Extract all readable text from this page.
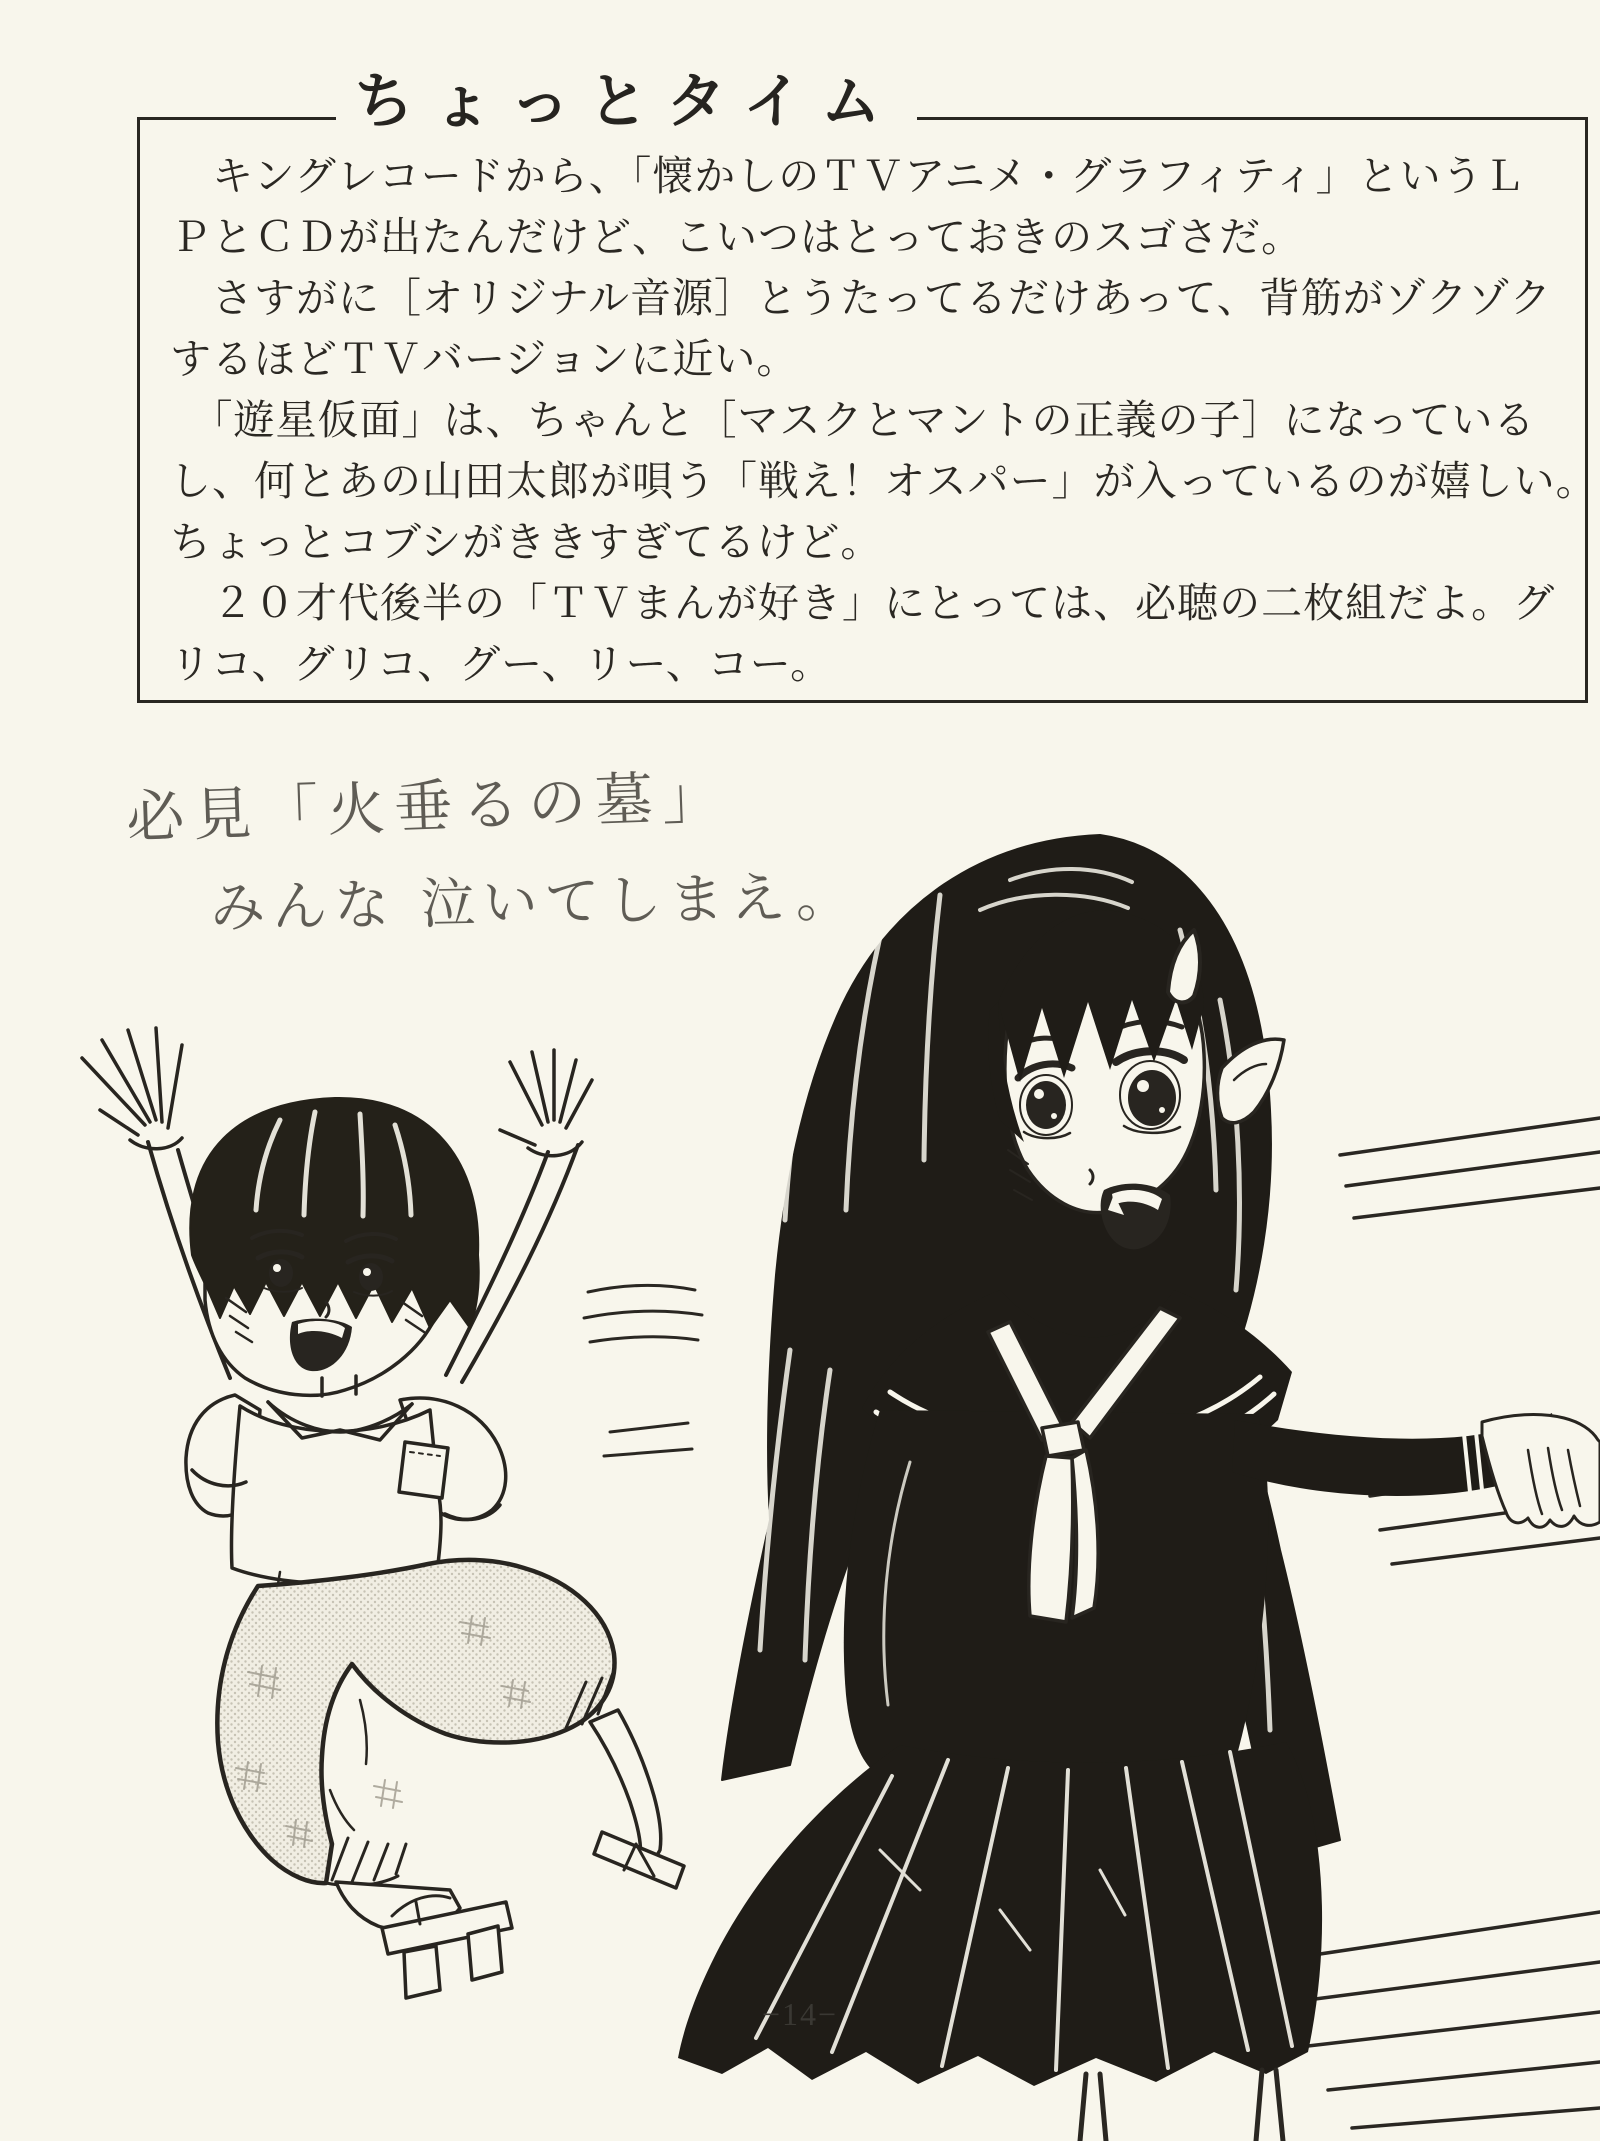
ちょっとタイム

　キングレコードから、「懐かしのＴＶアニメ・グラフィティ」というＬ

ＰとＣＤが出たんだけど、こいつはとっておきのスゴさだ。

　さすがに［オリジナル音源］とうたってるだけあって、背筋がゾクゾク

するほどＴＶバージョンに近い。

　「遊星仮面」は、ちゃんと［マスクとマントの正義の子］になっている

し、何とあの山田太郎が唄う「戦え！オスパー」が入っているのが嬉しい。

ちょっとコブシがききすぎてるけど。

　２０才代後半の「ＴＶまんが好き」にとっては、必聴の二枚組だよ。グ

リコ、グリコ、グー、リー、コー。

必見「火垂るの墓」
みんな 泣いてしまえ。
−14−
